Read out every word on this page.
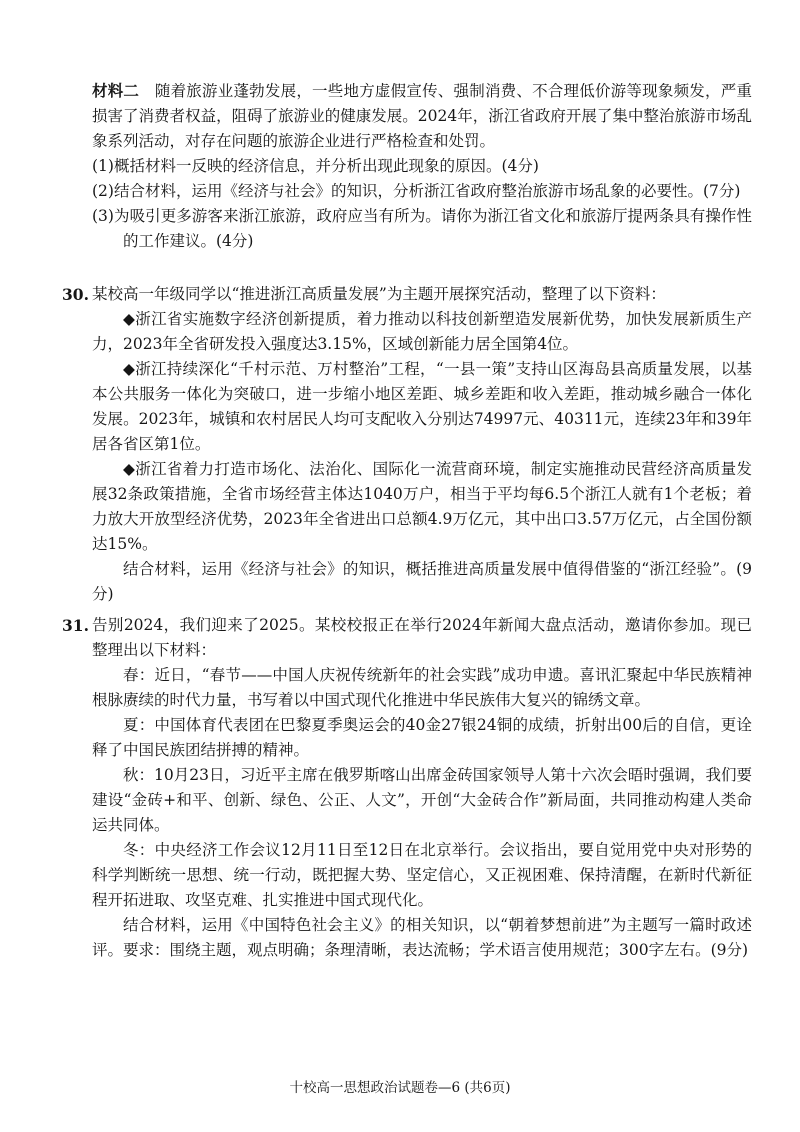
材料二　 随着旅游业蓬勃发展，一些地方虚假宣传、强制消费、不合理低价游等现象频发，严重损害了消费者权益，阻碍了旅游业的健康发展。2024年，浙江省政府开展了集中整治旅游市场乱象系列活动，对存在问题的旅游企业进行严格检查和处罚。

(1)概括材料一反映的经济信息，并分析出现此现象的原因。(4分)

(2)结合材料，运用《经济与社会》的知识，分析浙江省政府整治旅游市场乱象的必要性。(7分)

(3)为吸引更多游客来浙江旅游，政府应当有所为。请你为浙江省文化和旅游厅提两条具有操作性的工作建议。(4分)

30. 某校高一年级同学以“推进浙江高质量发展”为主题开展探究活动，整理了以下资料：

◆浙江省实施数字经济创新提质，着力推动以科技创新塑造发展新优势，加快发展新质生产力，2023年全省研发投入强度达3.15%，区域创新能力居全国第4位。

◆浙江持续深化“千村示范、万村整治”工程，“一县一策”支持山区海岛县高质量发展，以基本公共服务一体化为突破口，进一步缩小地区差距、城乡差距和收入差距，推动城乡融合一体化发展。2023年，城镇和农村居民人均可支配收入分别达74997元、40311元，连续23年和39年居各省区第1位。

◆浙江省着力打造市场化、法治化、国际化一流营商环境，制定实施推动民营经济高质量发展32条政策措施，全省市场经营主体达1040万户，相当于平均每6.5个浙江人就有1个老板；着力放大开放型经济优势，2023年全省进出口总额4.9万亿元，其中出口3.57万亿元，占全国份额达15%。

结合材料，运用《经济与社会》的知识，概括推进高质量发展中值得借鉴的“浙江经验”。(9分)

31. 告别2024，我们迎来了2025。某校校报正在举行2024年新闻大盘点活动，邀请你参加。现已整理出以下材料：

春：近日，“春节——中国人庆祝传统新年的社会实践”成功申遗。喜讯汇聚起中华民族精神根脉赓续的时代力量，书写着以中国式现代化推进中华民族伟大复兴的锦绣文章。

夏：中国体育代表团在巴黎夏季奥运会的40金27银24铜的成绩，折射出00后的自信，更诠释了中国民族团结拼搏的精神。

秋：10月23日，习近平主席在俄罗斯喀山出席金砖国家领导人第十六次会晤时强调，我们要建设“金砖+和平、创新、绿色、公正、人文”，开创“大金砖合作”新局面，共同推动构建人类命运共同体。

冬：中央经济工作会议12月11日至12日在北京举行。会议指出，要自觉用党中央对形势的科学判断统一思想、统一行动，既把握大势、坚定信心，又正视困难、保持清醒，在新时代新征程开拓进取、攻坚克难、扎实推进中国式现代化。

结合材料，运用《中国特色社会主义》的相关知识，以“朝着梦想前进”为主题写一篇时政述评。要求：围绕主题，观点明确；条理清晰，表达流畅；学术语言使用规范；300字左右。(9分)

十校高一思想政治试题卷—6 (共6页)
